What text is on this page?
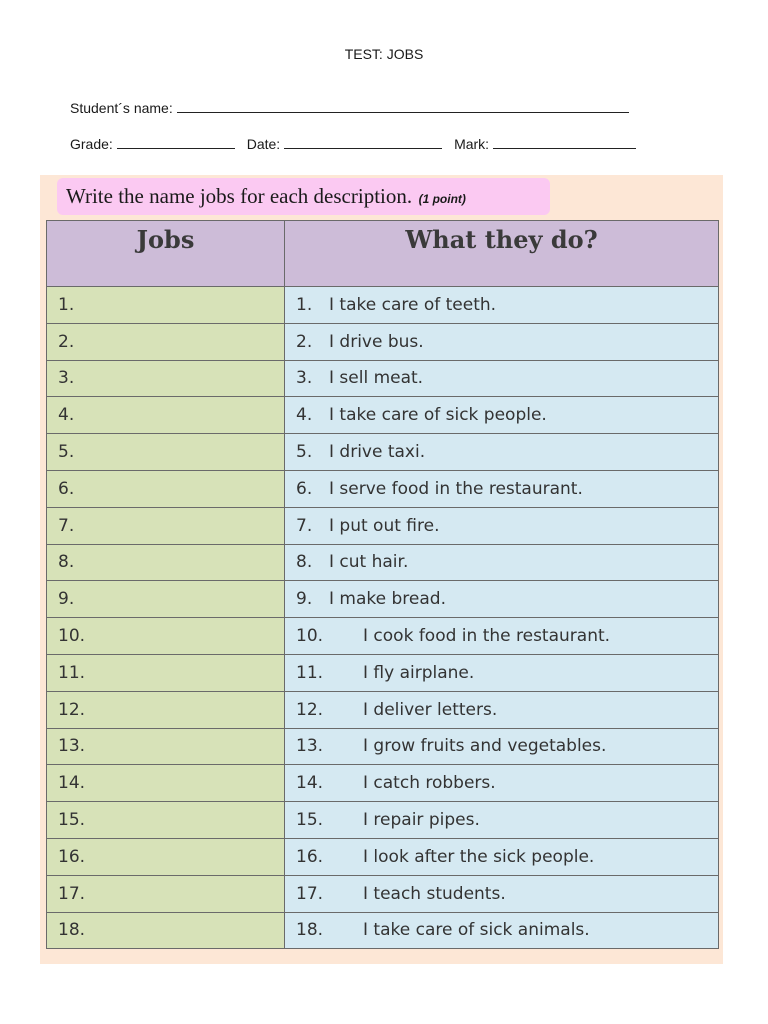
TEST: JOBS
Student´s name:
Grade:	Date:	Mark:
Write the name jobs for each description. (1 point)
Jobs	What they do?
1.	1. I take care of teeth.
2.	2. I drive bus.
3.	3. I sell meat.
4.	4. I take care of sick people.
5.	5. I drive taxi.
6.	6. I serve food in the restaurant.
7.	7. I put out fire.
8.	8. I cut hair.
9.	9. I make bread.
10.	10. I cook food in the restaurant.
11.	11. I fly airplane.
12.	12. I deliver letters.
13.	13. I grow fruits and vegetables.
14.	14. I catch robbers.
15.	15. I repair pipes.
16.	16. I look after the sick people.
17.	17. I teach students.
18.	18. I take care of sick animals.
